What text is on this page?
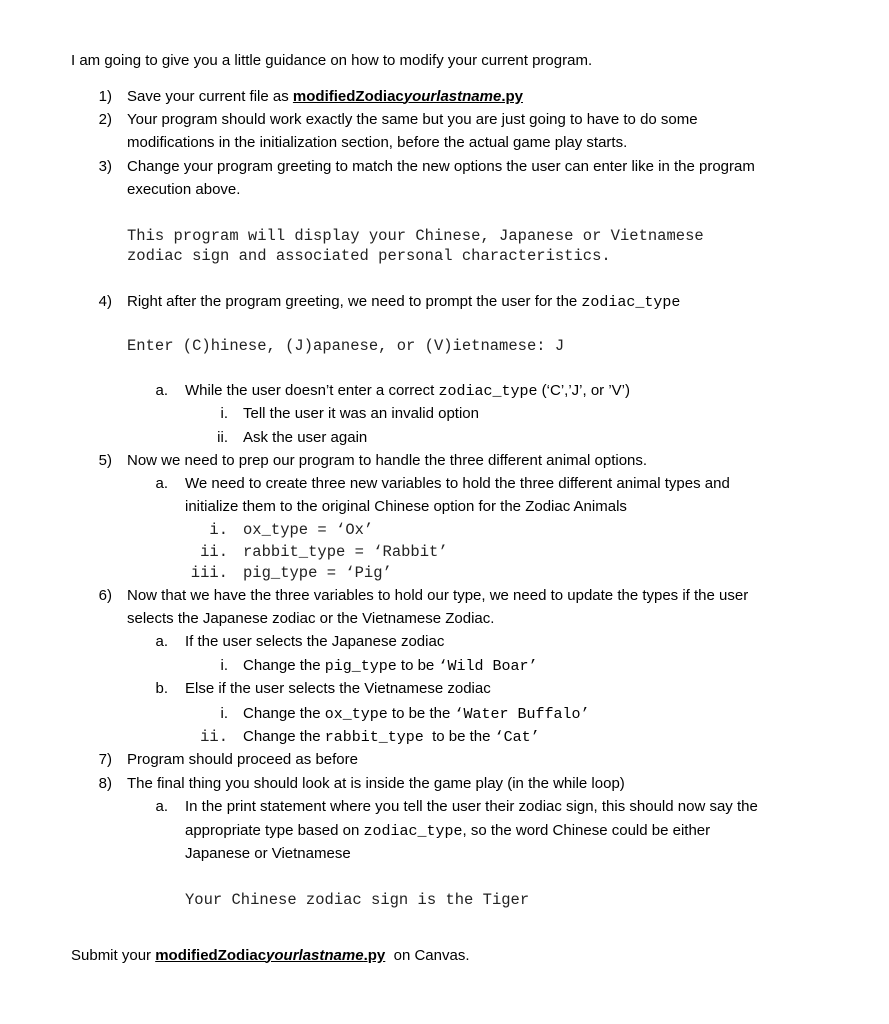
I am going to give you a little guidance on how to modify your current program.
1) Save your current file as modifiedZodiacyourlastname.py
2) Your program should work exactly the same but you are just going to have to do some
modifications in the initialization section, before the actual game play starts.
3) Change your program greeting to match the new options the user can enter like in the program
execution above.
This program will display your Chinese, Japanese or Vietnamese
zodiac sign and associated personal characteristics.
4) Right after the program greeting, we need to prompt the user for the zodiac_type
Enter (C)hinese, (J)apanese, or (V)ietnamese: J
a. While the user doesn’t enter a correct zodiac_type (‘C’,’J’, or ’V’)
i. Tell the user it was an invalid option
ii. Ask the user again
5) Now we need to prep our program to handle the three different animal options.
a. We need to create three new variables to hold the three different animal types and
initialize them to the original Chinese option for the Zodiac Animals
i. ox_type = ‘Ox’
ii. rabbit_type = ‘Rabbit’
iii. pig_type = ‘Pig’
6) Now that we have the three variables to hold our type, we need to update the types if the user
selects the Japanese zodiac or the Vietnamese Zodiac.
a. If the user selects the Japanese zodiac
i. Change the pig_type to be ‘Wild Boar’
b. Else if the user selects the Vietnamese zodiac
i. Change the ox_type to be the ‘Water Buffalo’
ii. Change the rabbit_type  to be the ‘Cat’
7) Program should proceed as before
8) The final thing you should look at is inside the game play (in the while loop)
a. In the print statement where you tell the user their zodiac sign, this should now say the
appropriate type based on zodiac_type, so the word Chinese could be either
Japanese or Vietnamese
Your Chinese zodiac sign is the Tiger
Submit your modifiedZodiacyourlastname.py  on Canvas.
